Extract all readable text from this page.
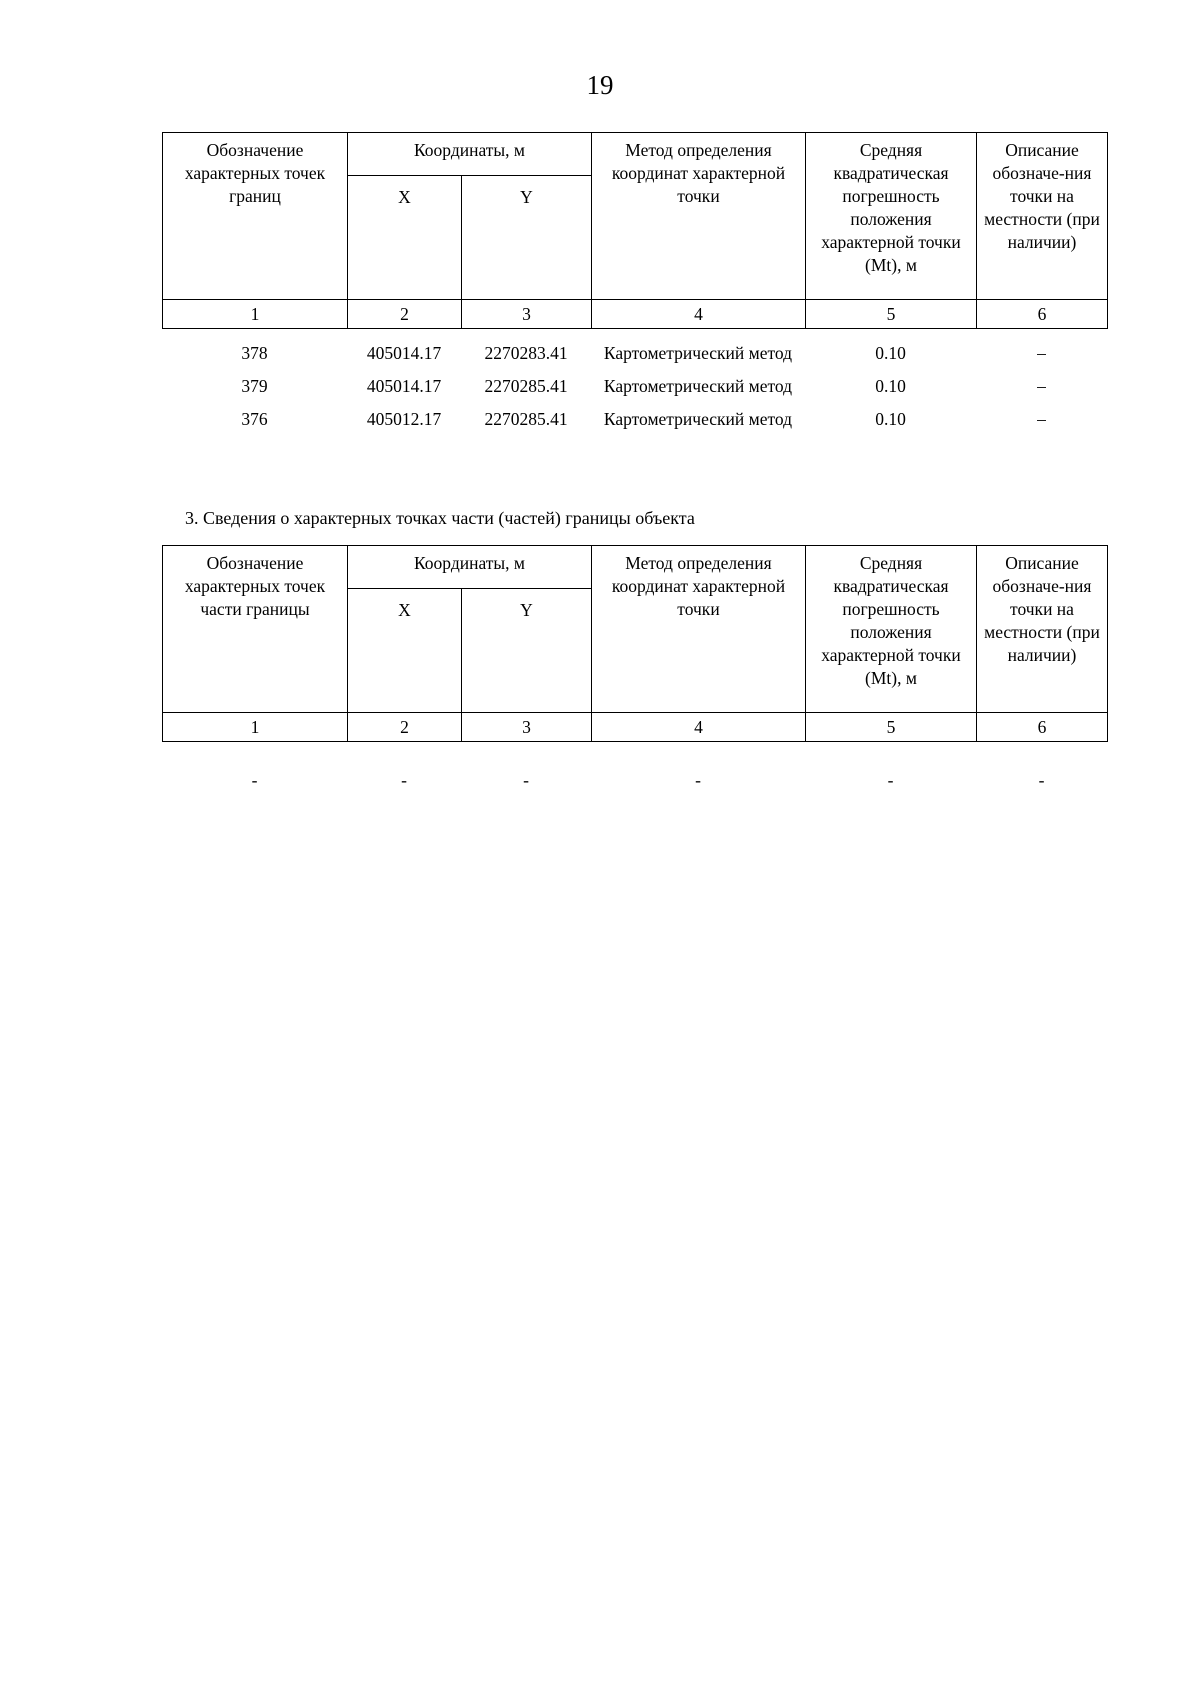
19
Обозначение характерных точек границ	Координаты, м		Метод определения координат характерной точки	Средняя квадратическая погрешность положения характерной точки (Mt), м	Описание обозначе-ния точки на местности (при наличии)
	X	Y			
1	2	3	4	5	6
378	405014.17	2270283.41	Картометрический метод	0.10	–
379	405014.17	2270285.41	Картометрический метод	0.10	–
376	405012.17	2270285.41	Картометрический метод	0.10	–
3. Сведения о характерных точках части (частей) границы объекта
Обозначение характерных точек части границы	Координаты, м		Метод определения координат характерной точки	Средняя квадратическая погрешность положения характерной точки (Mt), м	Описание обозначе-ния точки на местности (при наличии)
	X	Y			
1	2	3	4	5	6
-	-	-	-	-	-
